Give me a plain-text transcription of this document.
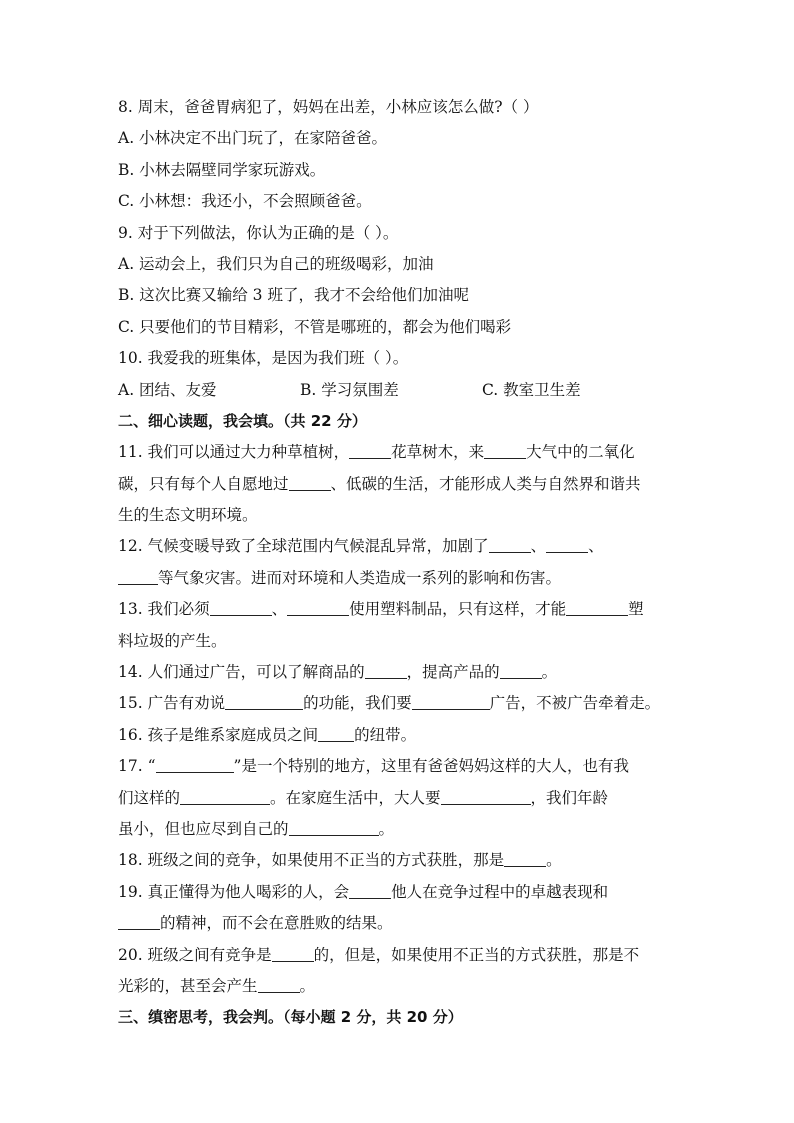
8. 周末，爸爸胃病犯了，妈妈在出差，小林应该怎么做?（ ）
A. 小林决定不出门玩了，在家陪爸爸。
B. 小林去隔壁同学家玩游戏。
C. 小林想：我还小，不会照顾爸爸。
9. 对于下列做法，你认为正确的是（ ）。
A. 运动会上，我们只为自己的班级喝彩，加油
B. 这次比赛又输给 3 班了，我才不会给他们加油呢
C. 只要他们的节目精彩，不管是哪班的，都会为他们喝彩
10. 我爱我的班集体，是因为我们班（ ）。
A. 团结、友爱	B. 学习氛围差	C. 教室卫生差
二、细心读题，我会填。（共 22 分）
11. 我们可以通过大力种草植树，	花草树木，来	大气中的二氧化
碳，只有每个人自愿地过	、低碳的生活，才能形成人类与自然界和谐共
生的生态文明环境。
12. 气候变暖导致了全球范围内气候混乱异常，加剧了	、	、
等气象灾害。进而对环境和人类造成一系列的影响和伤害。
13. 我们必须	、	使用塑料制品，只有这样，才能	塑
料垃圾的产生。
14. 人们通过广告，可以了解商品的	，提高产品的	。
15. 广告有劝说	的功能，我们要	广告，不被广告牵着走。
16. 孩子是维系家庭成员之间 的纽带。
17. “	”是一个特别的地方，这里有爸爸妈妈这样的大人，也有我
们这样的	。在家庭生活中，大人要	，我们年龄
虽小，但也应尽到自己的	。
18. 班级之间的竞争，如果使用不正当的方式获胜，那是	。
19. 真正懂得为他人喝彩的人，会	他人在竞争过程中的卓越表现和
的精神，而不会在意胜败的结果。
20. 班级之间有竞争是	的，但是，如果使用不正当的方式获胜，那是不
光彩的，甚至会产生	。
三、缜密思考，我会判。（每小题 2 分，共 20 分）
